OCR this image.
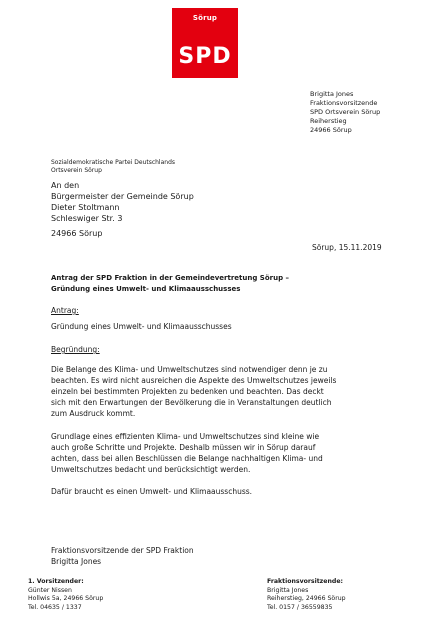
Sörup
SPD
Brigitta Jones
Fraktionsvorsitzende
SPD Ortsverein Sörup
Reiherstieg
24966 Sörup
Sozialdemokratische Partei Deutschlands
Ortsverein Sörup
An den
Bürgermeister der Gemeinde Sörup
Dieter Stoltmann
Schleswiger Str. 3
24966 Sörup
Sörup, 15.11.2019
Antrag der SPD Fraktion in der Gemeindevertretung Sörup –
Gründung eines Umwelt- und Klimaausschusses
Antrag:
Gründung eines Umwelt- und Klimaausschusses
Begründung:
Die Belange des Klima- und Umweltschutzes sind notwendiger denn je zu
beachten. Es wird nicht ausreichen die Aspekte des Umweltschutzes jeweils
einzeln bei bestimmten Projekten zu bedenken und beachten. Das deckt
sich mit den Erwartungen der Bevölkerung die in Veranstaltungen deutlich
zum Ausdruck kommt.
Grundlage eines effizienten Klima- und Umweltschutzes sind kleine wie
auch große Schritte und Projekte. Deshalb müssen wir in Sörup darauf
achten, dass bei allen Beschlüssen die Belange nachhaltigen Klima- und
Umweltschutzes bedacht und berücksichtigt werden.
Dafür braucht es einen Umwelt- und Klimaausschuss.
Fraktionsvorsitzende der SPD Fraktion
Brigitta Jones
1. Vorsitzender:
Günter Nissen
Hollwis 5a, 24966 Sörup
Tel. 04635 / 1337
Fraktionsvorsitzende:
Brigitta Jones
Reiherstieg, 24966 Sörup
Tel. 0157 / 36559835
